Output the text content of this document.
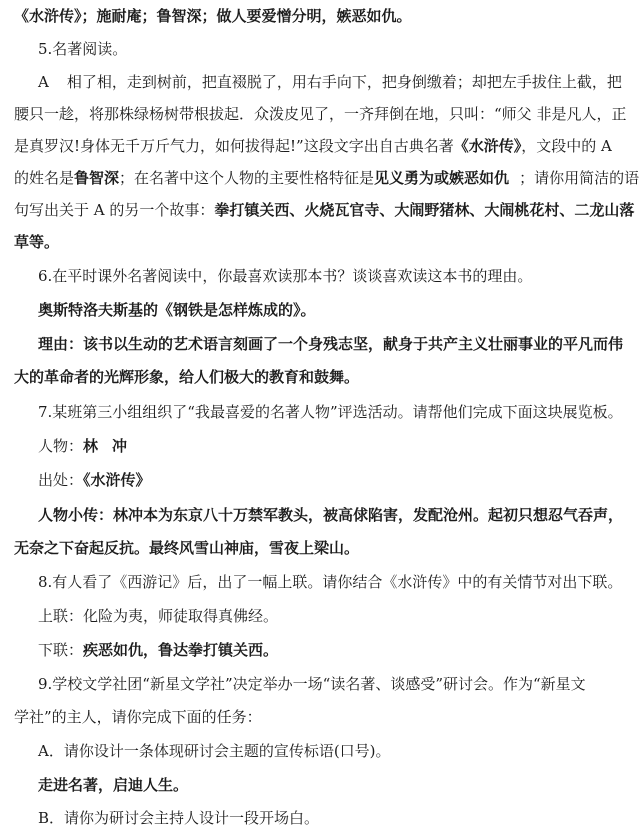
《水浒传》；施耐庵；鲁智深；做人要爱憎分明，嫉恶如仇。
5.名著阅读。
A 相了相，走到树前，把直裰脱了，用右手向下，把身倒缴着；却把左手拔住上截，把
腰只一趁，将那株绿杨树带根拔起．众泼皮见了，一齐拜倒在地，只叫：“师父 非是凡人，正
是真罗汉!身体无千万斤气力，如何拔得起!”这段文字出自古典名著《水浒传》，文段中的 A
的姓名是鲁智深；在名著中这个人物的主要性格特征是见义勇为或嫉恶如仇 ；请你用简洁的语
句写出关于 A 的另一个故事：拳打镇关西、火烧瓦官寺、大闹野猪林、大闹桃花村、二龙山落
草等。
6.在平时课外名著阅读中，你最喜欢读那本书？谈谈喜欢读这本书的理由。
奥斯特洛夫斯基的《钢铁是怎样炼成的》。
理由：该书以生动的艺术语言刻画了一个身残志坚，献身于共产主义壮丽事业的平凡而伟
大的革命者的光辉形象，给人们极大的教育和鼓舞。
7.某班第三小组组织了“我最喜爱的名著人物”评选活动。请帮他们完成下面这块展览板。
人物：林 冲
出处：《水浒传》
人物小传：林冲本为东京八十万禁军教头，被高俅陷害，发配沧州。起初只想忍气吞声，
无奈之下奋起反抗。最终风雪山神庙，雪夜上梁山。
8.有人看了《西游记》后，出了一幅上联。请你结合《水浒传》中的有关情节对出下联。
上联：化险为夷，师徒取得真佛经。
下联：疾恶如仇，鲁达拳打镇关西。
9.学校文学社团“新星文学社”决定举办一场“读名著、谈感受”研讨会。作为“新星文
学社”的主人，请你完成下面的任务：
A．请你设计一条体现研讨会主题的宣传标语(口号)。
走进名著，启迪人生。
B．请你为研讨会主持人设计一段开场白。
